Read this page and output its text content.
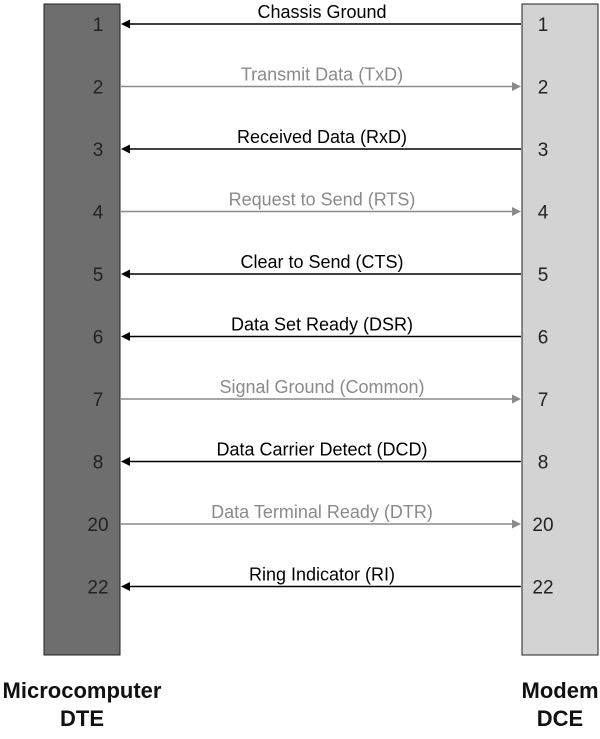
1	1
Chassis Ground
2	2
Transmit Data (TxD)
3	3
Received Data (RxD)
4	4
Request to Send (RTS)
5	5
Clear to Send (CTS)
6	6
Data Set Ready (DSR)
7	7
Signal Ground (Common)
8	8
Data Carrier Detect (DCD)
20	20
Data Terminal Ready (DTR)
22	22
Ring Indicator (RI)
Microcomputer
DTE
Modem
DCE
